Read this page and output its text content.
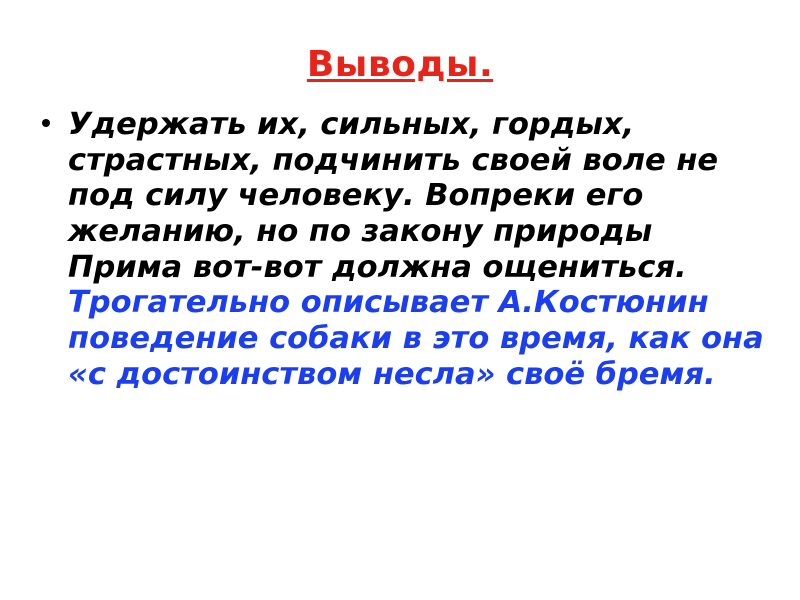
Выводы.
Удержать их, сильных, гордых, страстных, подчинить своей воле не под силу человеку. Вопреки его желанию, но по закону природы Прима вот-вот должна ощениться. Трогательно описывает А.Костюнин поведение собаки в это время, как она «с достоинством несла» своё бремя.
